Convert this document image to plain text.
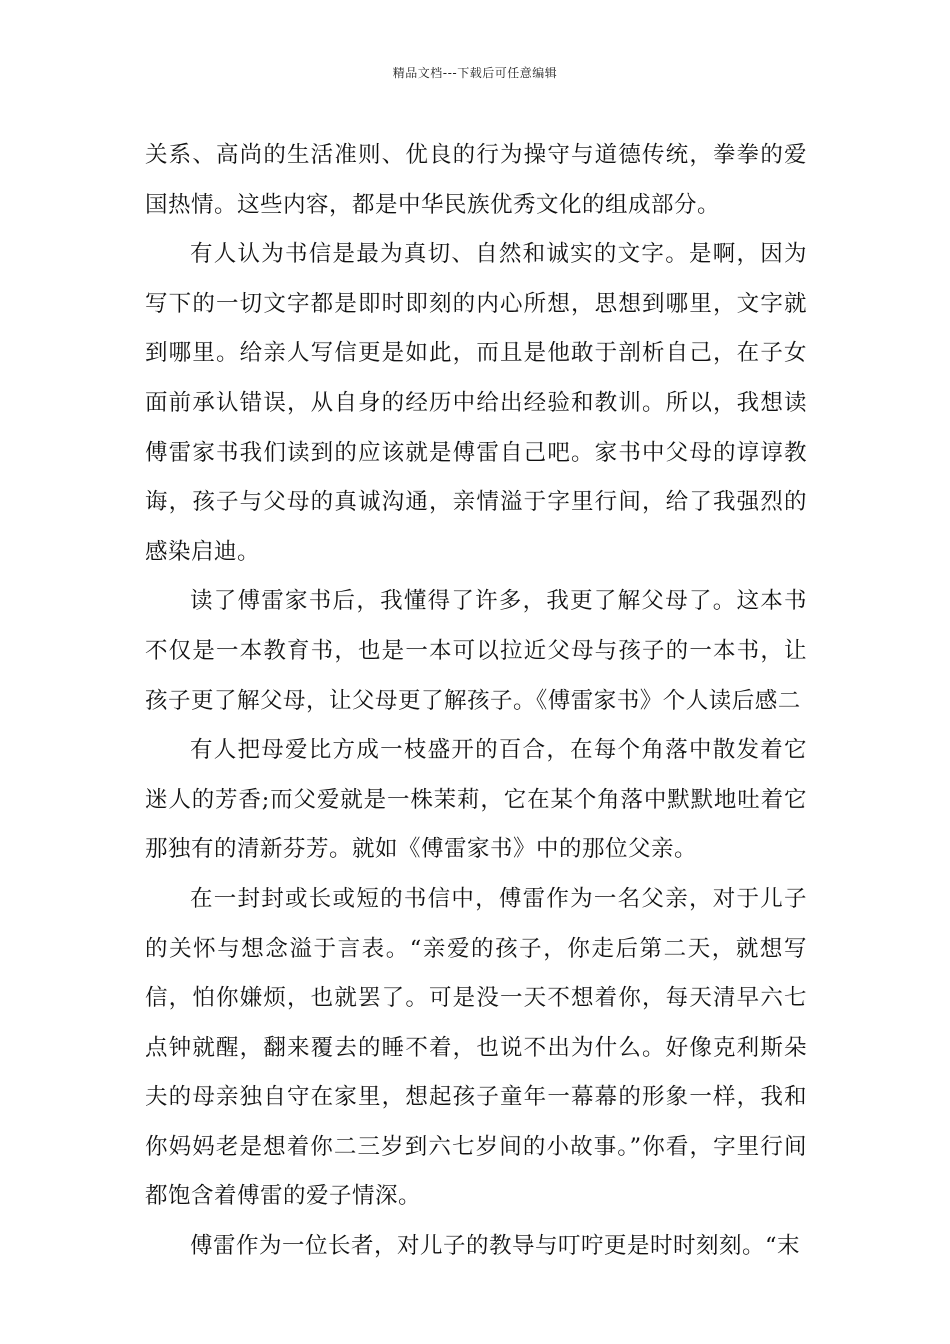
精品文档---下载后可任意编辑

关系、高尚的生活准则、优良的行为操守与道德传统，拳拳的爱国热情。这些内容，都是中华民族优秀文化的组成部分。

有人认为书信是最为真切、自然和诚实的文字。是啊，因为写下的一切文字都是即时即刻的内心所想，思想到哪里，文字就到哪里。给亲人写信更是如此，而且是他敢于剖析自己，在子女面前承认错误，从自身的经历中给出经验和教训。所以，我想读傅雷家书我们读到的应该就是傅雷自己吧。家书中父母的谆谆教诲，孩子与父母的真诚沟通，亲情溢于字里行间，给了我强烈的感染启迪。

读了傅雷家书后，我懂得了许多，我更了解父母了。这本书不仅是一本教育书，也是一本可以拉近父母与孩子的一本书，让孩子更了解父母，让父母更了解孩子。《傅雷家书》个人读后感二

有人把母爱比方成一枝盛开的百合，在每个角落中散发着它迷人的芳香;而父爱就是一株茉莉，它在某个角落中默默地吐着它那独有的清新芬芳。就如《傅雷家书》中的那位父亲。

在一封封或长或短的书信中，傅雷作为一名父亲，对于儿子的关怀与想念溢于言表。“亲爱的孩子，你走后第二天，就想写信，怕你嫌烦，也就罢了。可是没一天不想着你，每天清早六七点钟就醒，翻来覆去的睡不着，也说不出为什么。好像克利斯朵夫的母亲独自守在家里，想起孩子童年一幕幕的形象一样，我和你妈妈老是想着你二三岁到六七岁间的小故事。”你看，字里行间都饱含着傅雷的爱子情深。

傅雷作为一位长者，对儿子的教导与叮咛更是时时刻刻。“末
